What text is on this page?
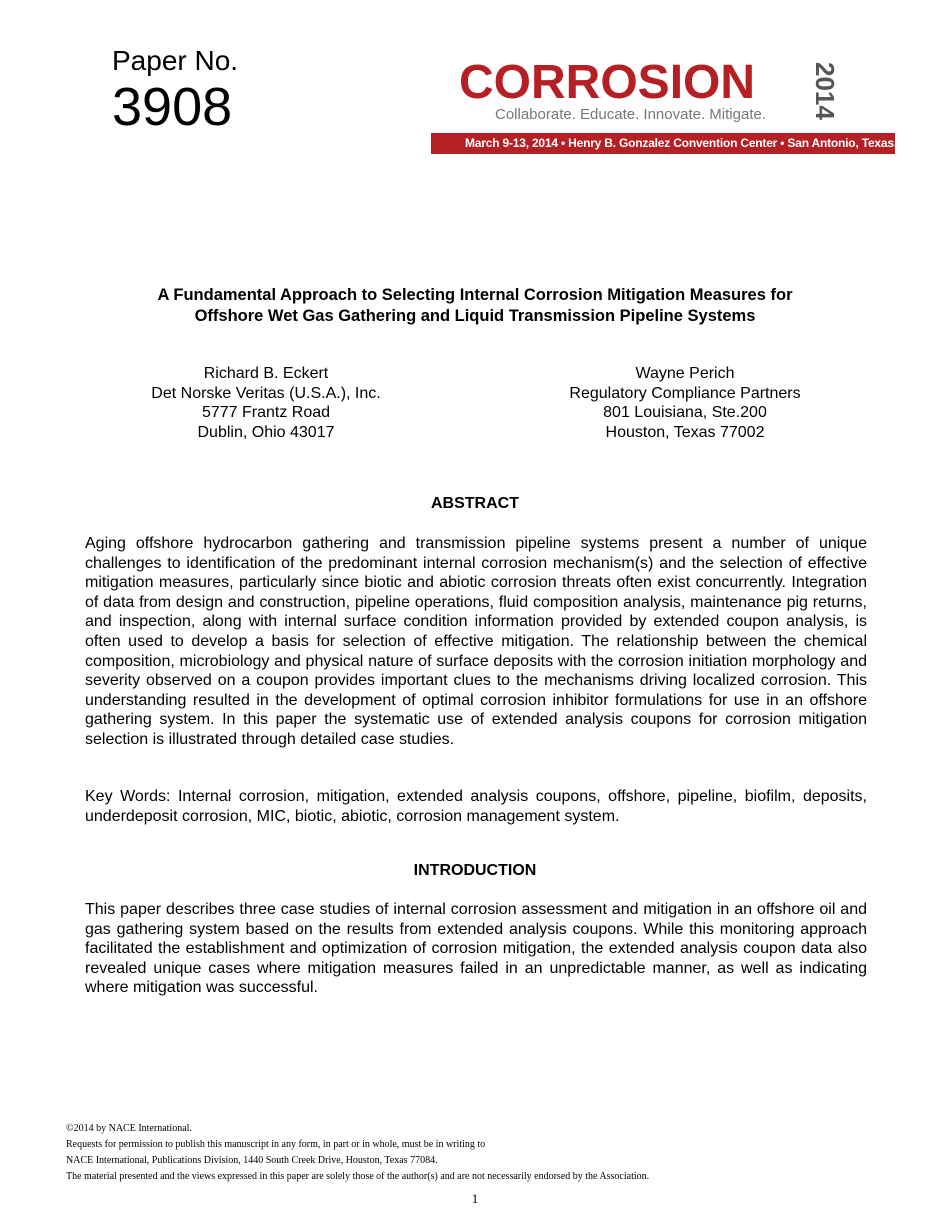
Paper No.
3908	CORROSION 2014
Collaborate. Educate. Innovate. Mitigate.
March 9-13, 2014 • Henry B. Gonzalez Convention Center • San Antonio, Texas, U.S.A.
A Fundamental Approach to Selecting Internal Corrosion Mitigation Measures for
Offshore Wet Gas Gathering and Liquid Transmission Pipeline Systems
Richard B. Eckert
Det Norske Veritas (U.S.A.), Inc.
5777 Frantz Road
Dublin, Ohio 43017
Wayne Perich
Regulatory Compliance Partners
801 Louisiana, Ste.200
Houston, Texas 77002
ABSTRACT
Aging offshore hydrocarbon gathering and transmission pipeline systems present a number of unique challenges to identification of the predominant internal corrosion mechanism(s) and the selection of effective mitigation measures, particularly since biotic and abiotic corrosion threats often exist concurrently. Integration of data from design and construction, pipeline operations, fluid composition analysis, maintenance pig returns, and inspection, along with internal surface condition information provided by extended coupon analysis, is often used to develop a basis for selection of effective mitigation. The relationship between the chemical composition, microbiology and physical nature of surface deposits with the corrosion initiation morphology and severity observed on a coupon provides important clues to the mechanisms driving localized corrosion. This understanding resulted in the development of optimal corrosion inhibitor formulations for use in an offshore gathering system. In this paper the systematic use of extended analysis coupons for corrosion mitigation selection is illustrated through detailed case studies.
Key Words: Internal corrosion, mitigation, extended analysis coupons, offshore, pipeline, biofilm, deposits, underdeposit corrosion, MIC, biotic, abiotic, corrosion management system.
INTRODUCTION
This paper describes three case studies of internal corrosion assessment and mitigation in an offshore oil and gas gathering system based on the results from extended analysis coupons. While this monitoring approach facilitated the establishment and optimization of corrosion mitigation, the extended analysis coupon data also revealed unique cases where mitigation measures failed in an unpredictable manner, as well as indicating where mitigation was successful.
©2014 by NACE International.
Requests for permission to publish this manuscript in any form, in part or in whole, must be in writing to
NACE International, Publications Division, 1440 South Creek Drive, Houston, Texas 77084.
The material presented and the views expressed in this paper are solely those of the author(s) and are not necessarily endorsed by the Association.
1
